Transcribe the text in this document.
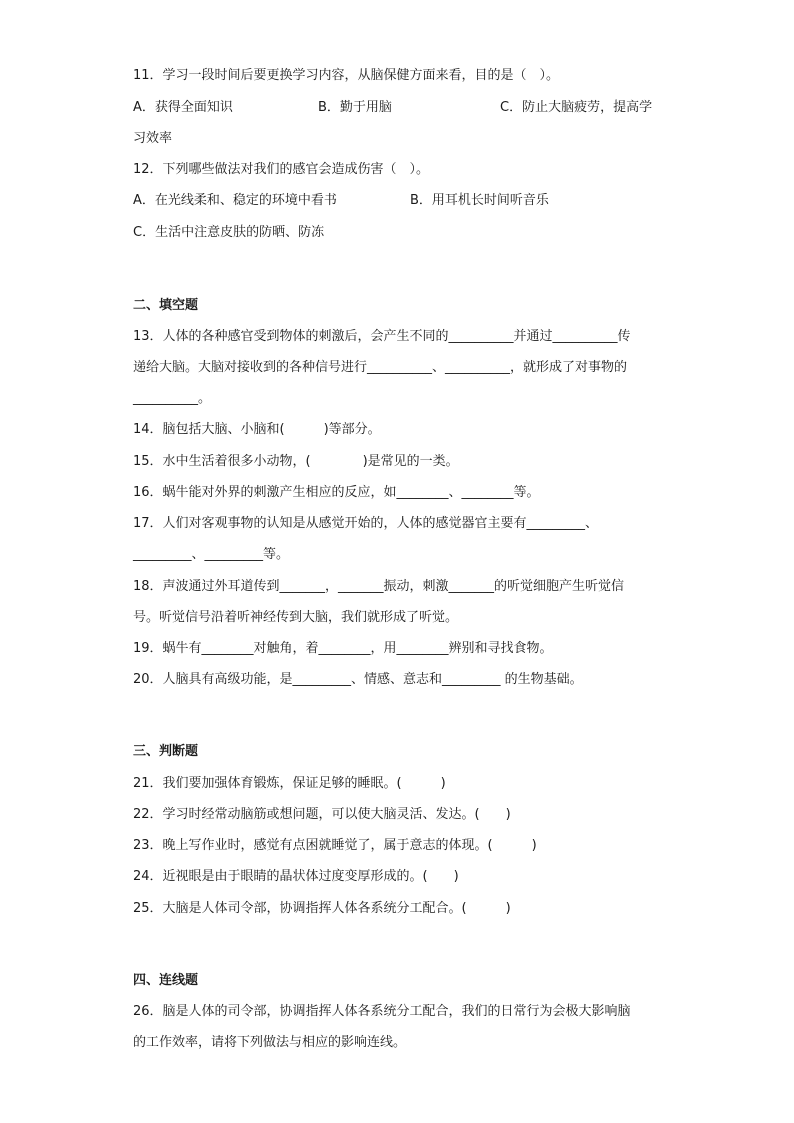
11．学习一段时间后要更换学习内容，从脑保健方面来看，目的是（　）。
A．获得全面知识	B．勤于用脑	C．防止大脑疲劳，提高学
习效率
12．下列哪些做法对我们的感官会造成伤害（　）。
A．在光线柔和、稳定的环境中看书	B．用耳机长时间听音乐
C．生活中注意皮肤的防晒、防冻
二、填空题
13．人体的各种感官受到物体的刺激后，会产生不同的__________并通过__________传
递给大脑。大脑对接收到的各种信号进行__________、__________，就形成了对事物的
__________。
14．脑包括大脑、小脑和(　　　)等部分。
15．水中生活着很多小动物，(　　　　)是常见的一类。
16．蜗牛能对外界的刺激产生相应的反应，如________、________等。
17．人们对客观事物的认知是从感觉开始的，人体的感觉器官主要有_________、
_________、_________等。
18．声波通过外耳道传到_______，_______振动，刺激_______的听觉细胞产生听觉信
号。听觉信号沿着听神经传到大脑，我们就形成了听觉。
19．蜗牛有________对触角，着________，用________辨别和寻找食物。
20．人脑具有高级功能，是_________、情感、意志和_________ 的生物基础。
三、判断题
21．我们要加强体育锻炼，保证足够的睡眠。(　　　)
22．学习时经常动脑筋或想问题，可以使大脑灵活、发达。(　　)
23．晚上写作业时，感觉有点困就睡觉了，属于意志的体现。(　　　)
24．近视眼是由于眼睛的晶状体过度变厚形成的。(　　)
25．大脑是人体司令部，协调指挥人体各系统分工配合。(　　　)
四、连线题
26．脑是人体的司令部，协调指挥人体各系统分工配合，我们的日常行为会极大影响脑
的工作效率，请将下列做法与相应的影响连线。
